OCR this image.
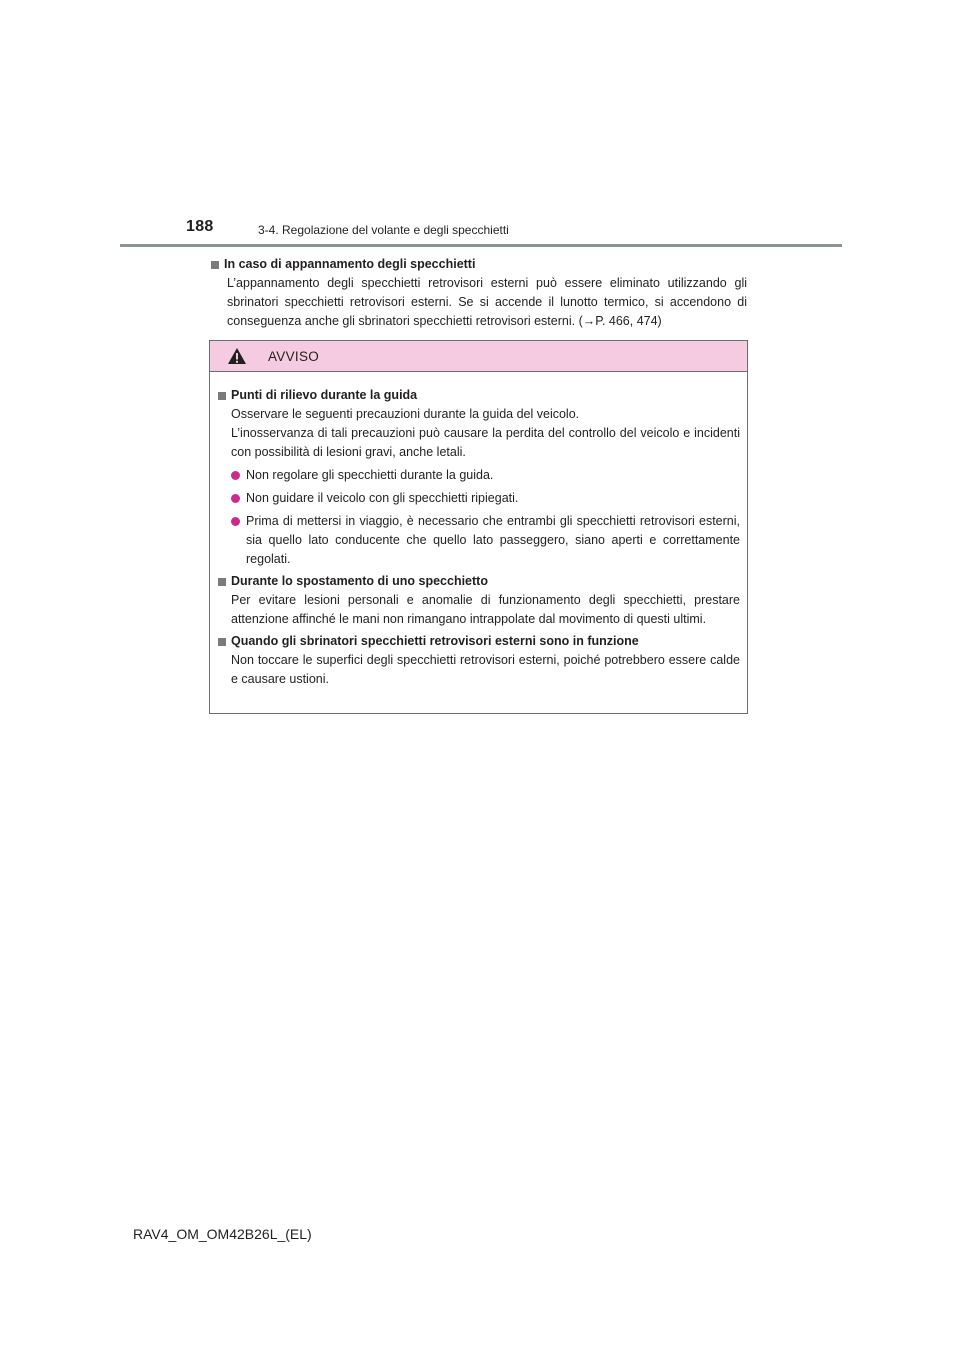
188	3-4. Regolazione del volante e degli specchietti
In caso di appannamento degli specchietti

L’appannamento degli specchietti retrovisori esterni può essere eliminato utilizzando gli sbrinatori specchietti retrovisori esterni. Se si accende il lunotto termico, si accendono di conseguenza anche gli sbrinatori specchietti retrovisori esterni. (→P. 466, 474)

AVVISO
Punti di rilievo durante la guida

Osservare le seguenti precauzioni durante la guida del veicolo.

L’inosservanza di tali precauzioni può causare la perdita del controllo del veicolo e incidenti con possibilità di lesioni gravi, anche letali.

Non regolare gli specchietti durante la guida.
Non guidare il veicolo con gli specchietti ripiegati.
Prima di mettersi in viaggio, è necessario che entrambi gli specchietti retrovisori esterni, sia quello lato conducente che quello lato passeggero, siano aperti e correttamente regolati.
Durante lo spostamento di uno specchietto

Per evitare lesioni personali e anomalie di funzionamento degli specchietti, prestare attenzione affinché le mani non rimangano intrappolate dal movimento di questi ultimi.

Quando gli sbrinatori specchietti retrovisori esterni sono in funzione

Non toccare le superfici degli specchietti retrovisori esterni, poiché potrebbero essere calde e causare ustioni.

RAV4_OM_OM42B26L_(EL)
